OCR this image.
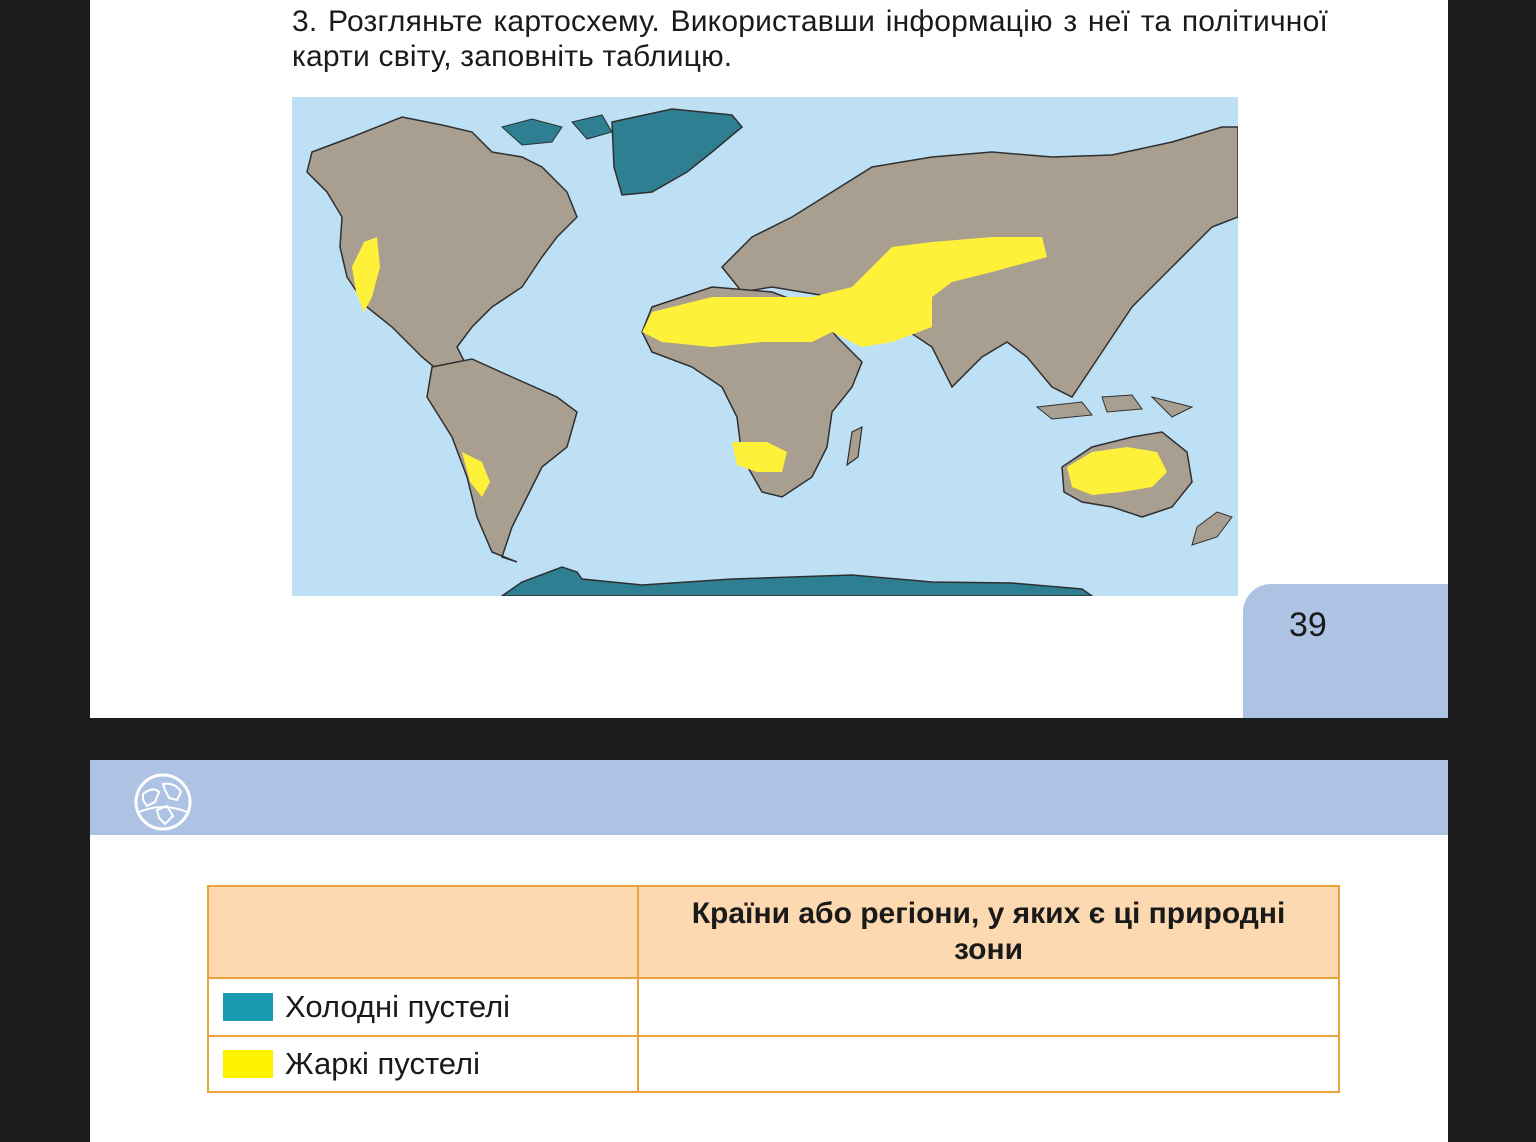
3. Розгляньте картосхему. Використавши інформацію з неї та політичної карти світу, заповніть таблицю.
39
	Країни або регіони, у яких є ці природні зони
Холодні пустелі	
Жаркі пустелі	
